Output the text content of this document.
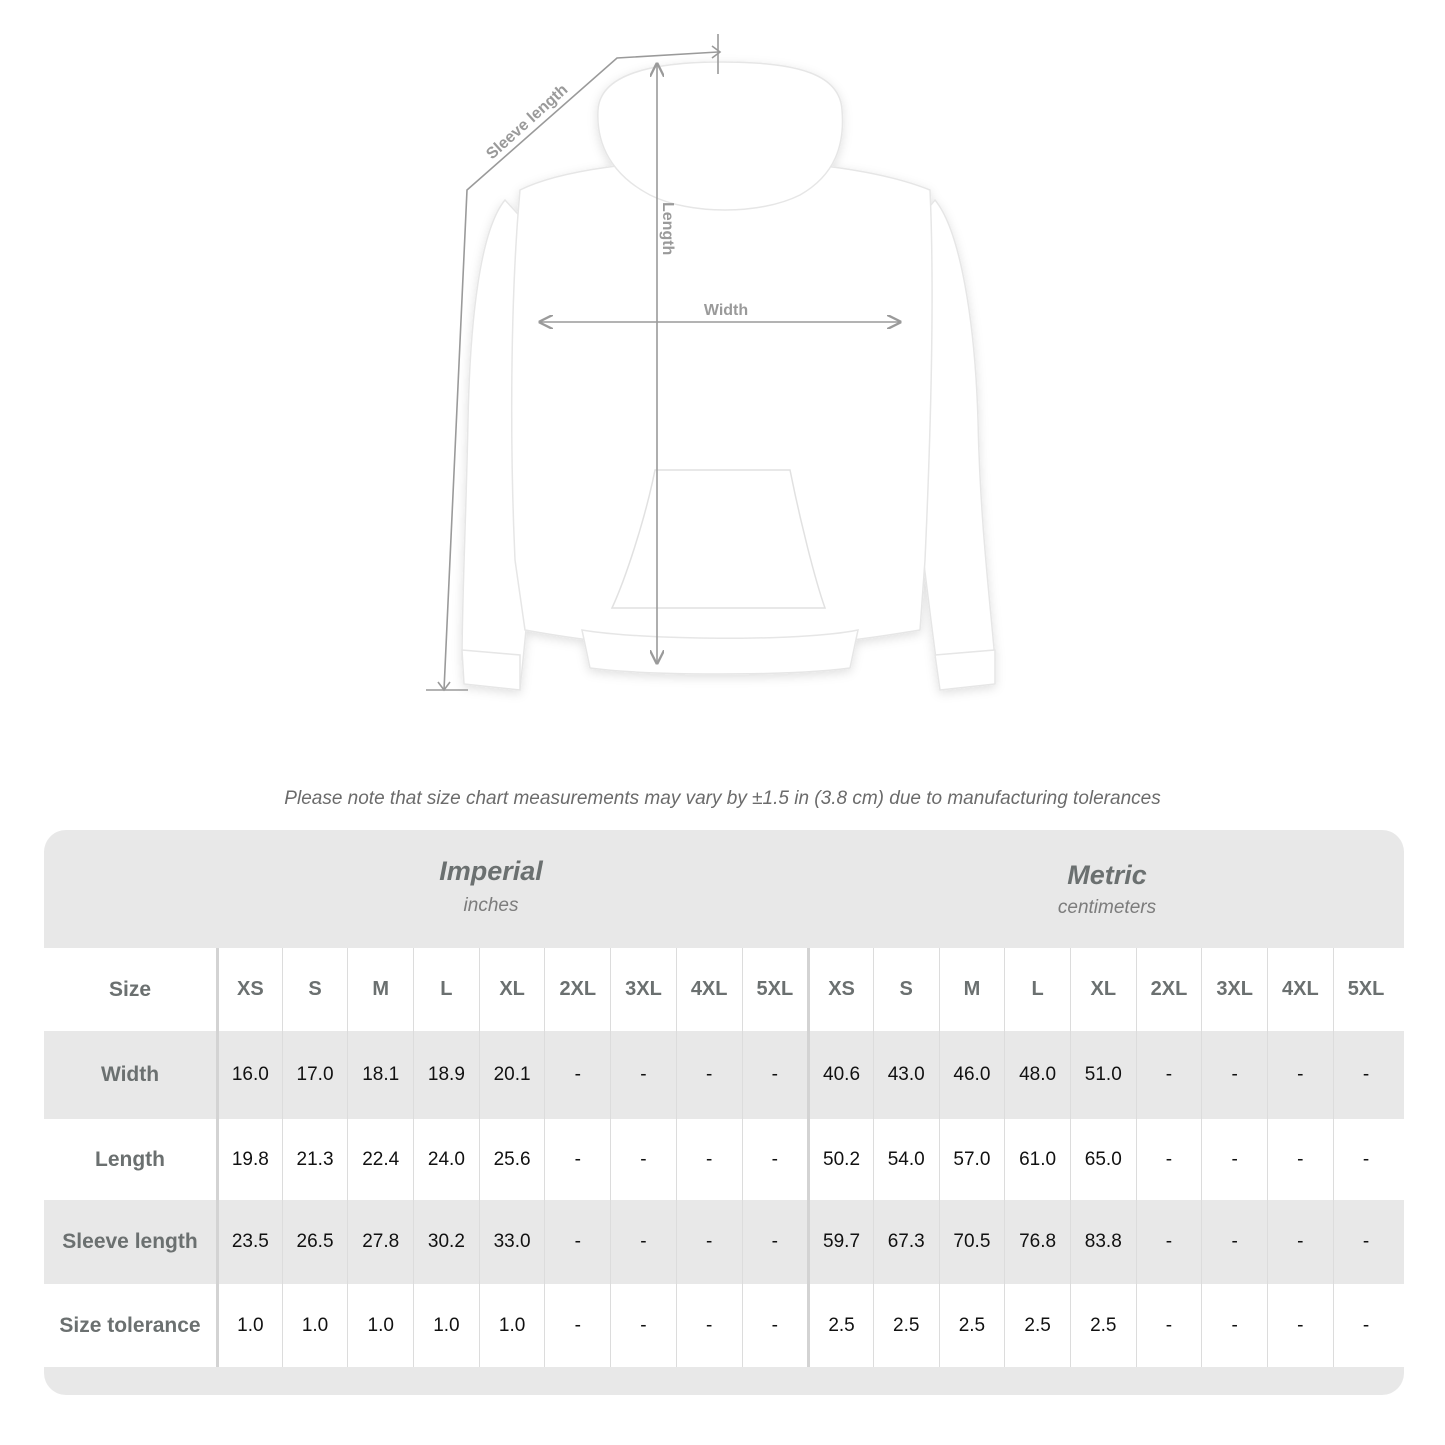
Sleeve length
Length
Width
Please note that size chart measurements may vary by ±1.5 in (3.8 cm) due to manufacturing tolerances
Imperial
inches
Metric
centimeters
Size	XS	S	M	L	XL	2XL	3XL	4XL	5XL	XS	S	M	L	XL	2XL	3XL	4XL	5XL
Width	16.0	17.0	18.1	18.9	20.1	-	-	-	-	40.6	43.0	46.0	48.0	51.0	-	-	-	-
Length	19.8	21.3	22.4	24.0	25.6	-	-	-	-	50.2	54.0	57.0	61.0	65.0	-	-	-	-
Sleeve length	23.5	26.5	27.8	30.2	33.0	-	-	-	-	59.7	67.3	70.5	76.8	83.8	-	-	-	-
Size tolerance	1.0	1.0	1.0	1.0	1.0	-	-	-	-	2.5	2.5	2.5	2.5	2.5	-	-	-	-
